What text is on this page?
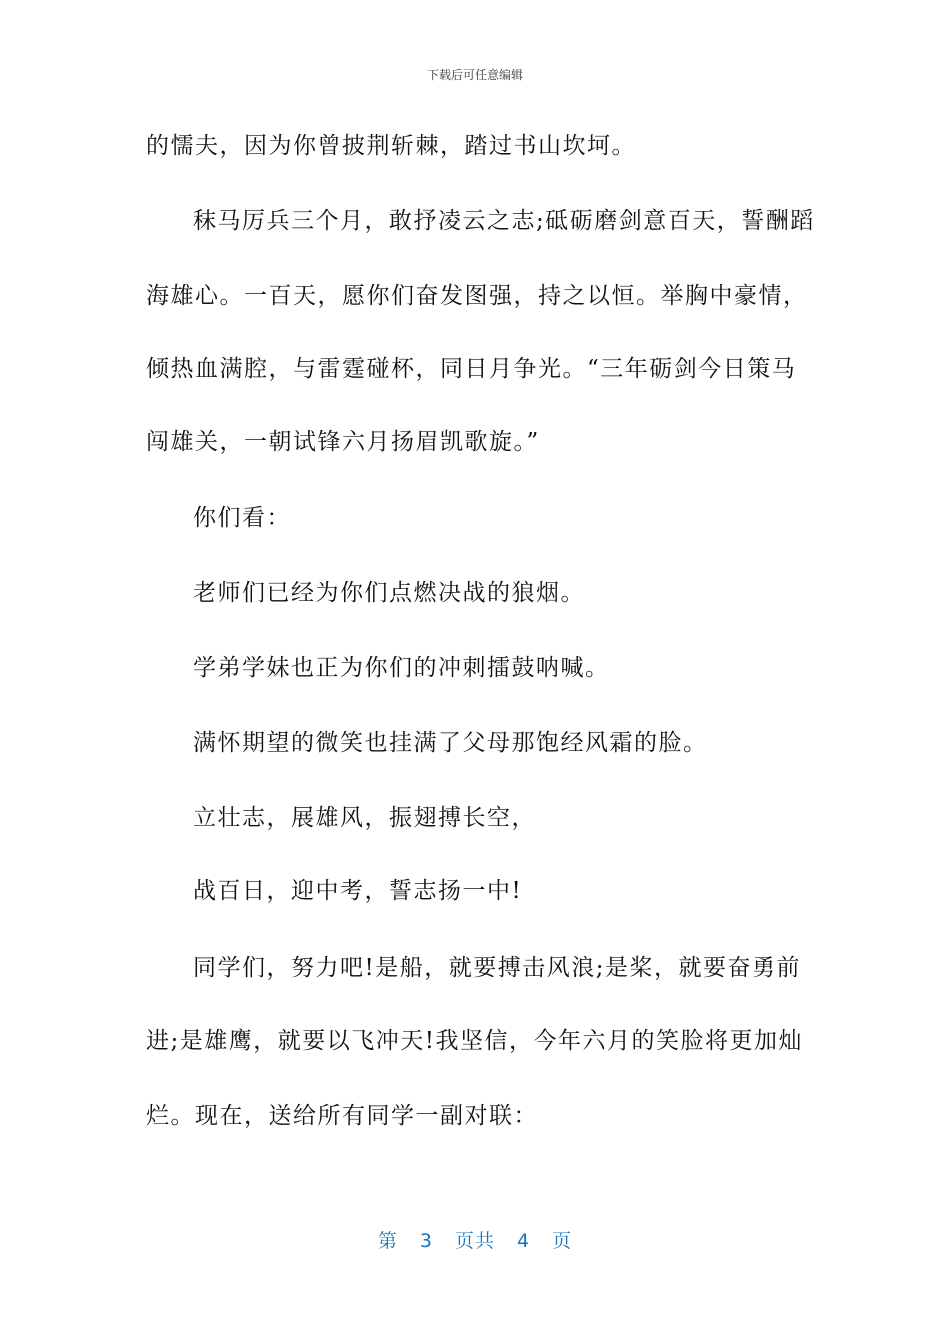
下载后可任意编辑
的懦夫，因为你曾披荆斩棘，踏过书山坎坷。
秣马厉兵三个月，敢抒凌云之志;砥砺磨剑意百天，誓酬蹈
海雄心。一百天，愿你们奋发图强，持之以恒。举胸中豪情，
倾热血满腔，与雷霆碰杯，同日月争光。“三年砺剑今日策马
闯雄关，一朝试锋六月扬眉凯歌旋。”
你们看：
老师们已经为你们点燃决战的狼烟。
学弟学妹也正为你们的冲刺擂鼓呐喊。
满怀期望的微笑也挂满了父母那饱经风霜的脸。
立壮志，展雄风，振翅搏长空，
战百日，迎中考，誓志扬一中!
同学们，努力吧!是船，就要搏击风浪;是桨，就要奋勇前
进;是雄鹰，就要以飞冲天!我坚信，今年六月的笑脸将更加灿
烂。现在，送给所有同学一副对联：
第 3 页共 4 页
